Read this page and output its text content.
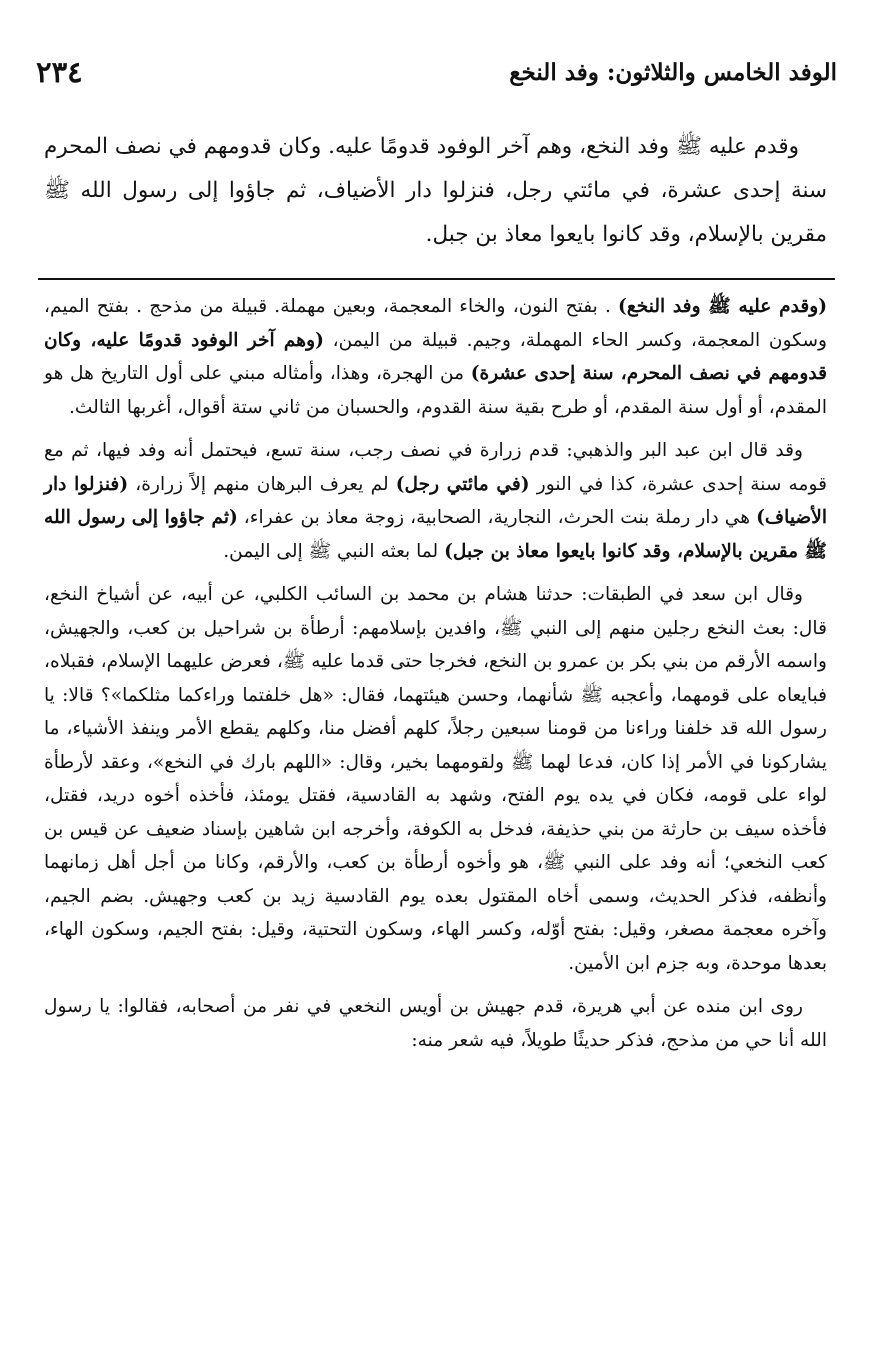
الوفد الخامس والثلاثون: وفد النخع
٢٣٤

وقدم عليه ﷺ وفد النخع، وهم آخر الوفود قدومًا عليه. وكان قدومهم في نصف المحرم سنة إحدى عشرة، في مائتي رجل، فنزلوا دار الأضياف، ثم جاؤوا إلى رسول الله ﷺ مقرين بالإسلام، وقد كانوا بايعوا معاذ بن جبل.

(وقدم عليه ﷺ وفد النخع) . بفتح النون، والخاء المعجمة، وبعين مهملة. قبيلة من مذحج . بفتح الميم، وسكون المعجمة، وكسر الحاء المهملة، وجيم. قبيلة من اليمن، (وهم آخر الوفود قدومًا عليه، وكان قدومهم في نصف المحرم، سنة إحدى عشرة) من الهجرة، وهذا، وأمثاله مبني على أول التاريخ هل هو المقدم، أو أول سنة المقدم، أو طرح بقية سنة القدوم، والحسبان من ثاني ستة أقوال، أغربها الثالث.

وقد قال ابن عبد البر والذهبي: قدم زرارة في نصف رجب، سنة تسع، فيحتمل أنه وفد فيها، ثم مع قومه سنة إحدى عشرة، كذا في النور (في مائتي رجل) لم يعرف البرهان منهم إلاً زرارة، (فنزلوا دار الأضياف) هي دار رملة بنت الحرث، النجارية، الصحابية، زوجة معاذ بن عفراء، (ثم جاؤوا إلى رسول الله ﷺ مقرين بالإسلام، وقد كانوا بايعوا معاذ بن جبل) لما بعثه النبي ﷺ إلى اليمن.

وقال ابن سعد في الطبقات: حدثنا هشام بن محمد بن السائب الكلبي، عن أبيه، عن أشياخ النخع، قال: بعث النخع رجلين منهم إلى النبي ﷺ، وافدين بإسلامهم: أرطأة بن شراحيل بن كعب، والجهيش، واسمه الأرقم من بني بكر بن عمرو بن النخع، فخرجا حتى قدما عليه ﷺ، فعرض عليهما الإسلام، فقبلاه، فبايعاه على قومهما، وأعجبه ﷺ شأنهما، وحسن هيئتهما، فقال: «هل خلفتما وراءكما مثلكما»؟ قالا: يا رسول الله قد خلفنا وراءنا من قومنا سبعين رجلاً، كلهم أفضل منا، وكلهم يقطع الأمر وينفذ الأشياء، ما يشاركونا في الأمر إذا كان، فدعا لهما ﷺ ولقومهما بخير، وقال: «اللهم بارك في النخع»، وعقد لأرطأة لواء على قومه، فكان في يده يوم الفتح، وشهد به القادسية، فقتل يومئذ، فأخذه أخوه دريد، فقتل، فأخذه سيف بن حارثة من بني حذيفة، فدخل به الكوفة، وأخرجه ابن شاهين بإسناد ضعيف عن قيس بن كعب النخعي؛ أنه وفد على النبي ﷺ، هو وأخوه أرطأة بن كعب، والأرقم، وكانا من أجل أهل زمانهما وأنظفه، فذكر الحديث، وسمى أخاه المقتول بعده يوم القادسية زيد بن كعب وجهيش. بضم الجيم، وآخره معجمة مصغر، وقيل: بفتح أوّله، وكسر الهاء، وسكون التحتية، وقيل: بفتح الجيم، وسكون الهاء، بعدها موحدة، وبه جزم ابن الأمين.

روى ابن منده عن أبي هريرة، قدم جهيش بن أويس النخعي في نفر من أصحابه، فقالوا: يا رسول الله أنا حي من مذحج، فذكر حديثًا طويلاً، فيه شعر منه:
